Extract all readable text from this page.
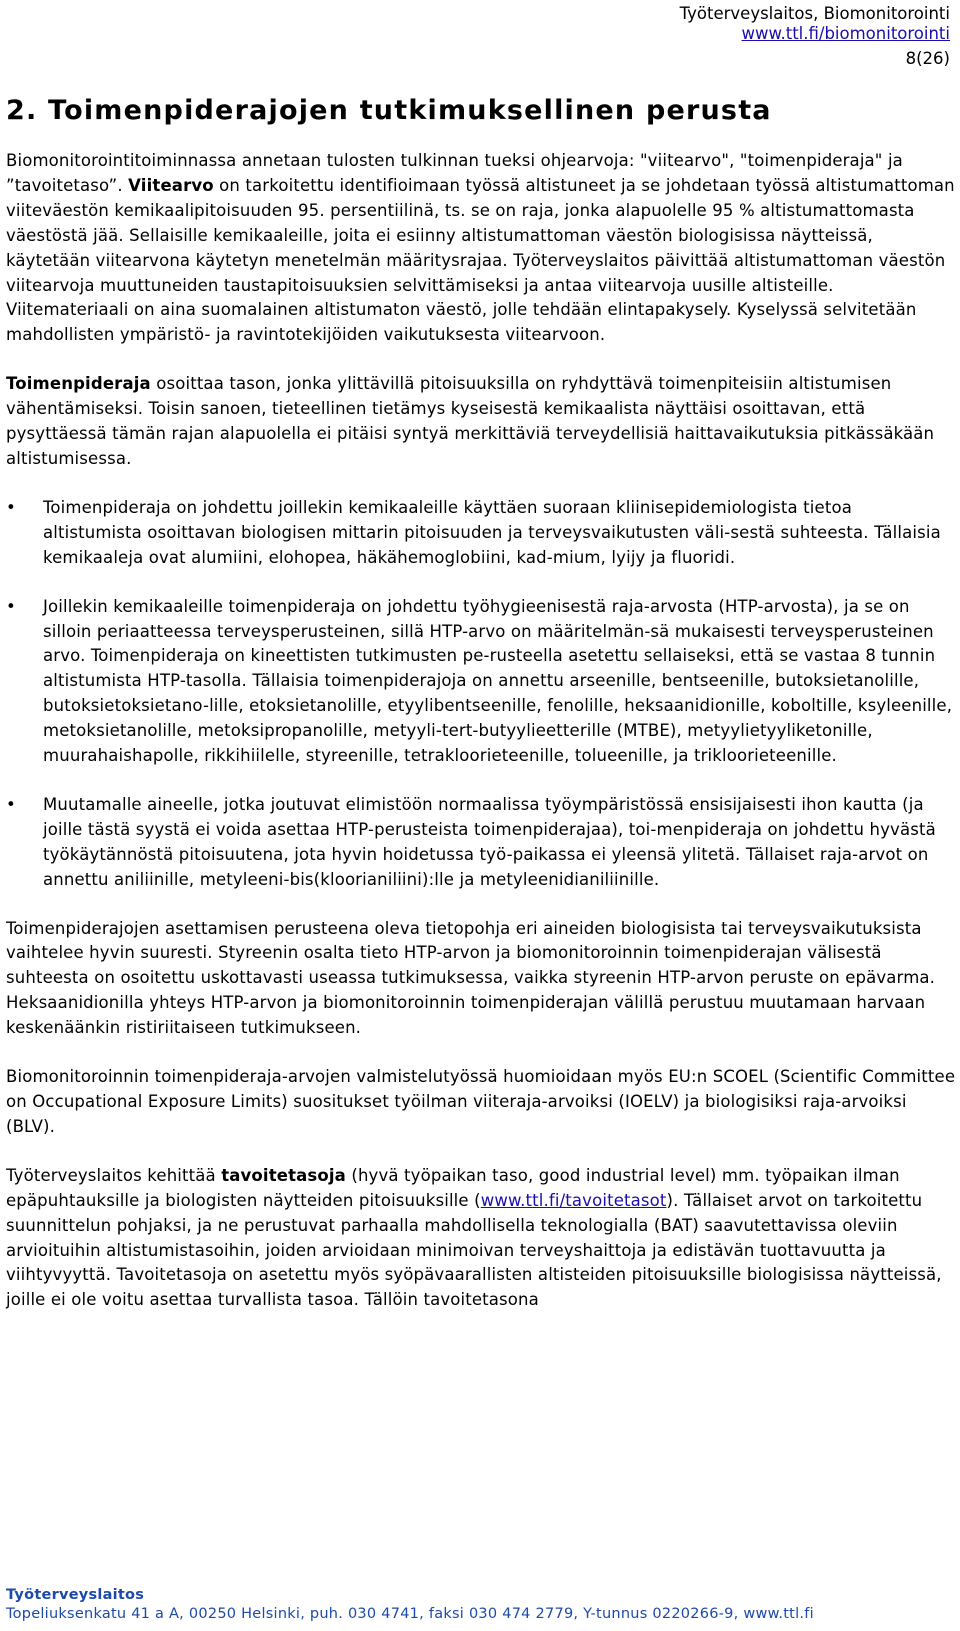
Työterveyslaitos, Biomonitorointi
www.ttl.fi/biomonitorointi

8(26)
2. Toimenpiderajojen tutkimuksellinen perusta

Biomonitorointitoiminnassa annetaan tulosten tulkinnan tueksi ohjearvoja: "viitearvo", "toimenpideraja" ja ”tavoitetaso”. Viitearvo on tarkoitettu identifioimaan työssä altistuneet ja se johdetaan työssä altistumattoman viiteväestön kemikaalipitoisuuden 95. persentiilinä, ts. se on raja, jonka alapuolelle 95 % altistumattomasta väestöstä jää. Sellaisille kemikaaleille, joita ei esiinny altistumattoman väestön biologisissa näytteissä, käytetään viitearvona käytetyn menetelmän määritysrajaa. Työterveyslaitos päivittää altistumattoman väestön viitearvoja muuttuneiden taustapitoisuuksien selvittämiseksi ja antaa viitearvoja uusille altisteille. Viitemateriaali on aina suomalainen altistumaton väestö, jolle tehdään elintapakysely. Kyselyssä selvitetään mahdollisten ympäristö- ja ravintotekijöiden vaikutuksesta viitearvoon.

Toimenpideraja osoittaa tason, jonka ylittävillä pitoisuuksilla on ryhdyttävä toimenpiteisiin altistumisen vähentämiseksi. Toisin sanoen, tieteellinen tietämys kyseisestä kemikaalista näyttäisi osoittavan, että pysyttäessä tämän rajan alapuolella ei pitäisi syntyä merkittäviä terveydellisiä haittavaikutuksia pitkässäkään altistumisessa.

• Toimenpideraja on johdettu joillekin kemikaaleille käyttäen suoraan kliinisepidemiologista tietoa altistumista osoittavan biologisen mittarin pitoisuuden ja terveysvaikutusten väli-sestä suhteesta. Tällaisia kemikaaleja ovat alumiini, elohopea, häkähemoglobiini, kad-mium, lyijy ja fluoridi.
• Joillekin kemikaaleille toimenpideraja on johdettu työhygieenisestä raja-arvosta (HTP-arvosta), ja se on silloin periaatteessa terveysperusteinen, sillä HTP-arvo on määritelmän-sä mukaisesti terveysperusteinen arvo. Toimenpideraja on kineettisten tutkimusten pe-rusteella asetettu sellaiseksi, että se vastaa 8 tunnin altistumista HTP-tasolla. Tällaisia toimenpiderajoja on annettu arseenille, bentseenille, butoksietanolille, butoksietoksietano-lille, etoksietanolille, etyylibentseenille, fenolille, heksaanidionille, koboltille, ksyleenille, metoksietanolille, metoksipropanolille, metyyli-tert-butyylieetterille (MTBE), metyylietyyliketonille, muurahaishapolle, rikkihiilelle, styreenille, tetrakloorieteenille, tolueenille, ja trikloorieteenille.
• Muutamalle aineelle, jotka joutuvat elimistöön normaalissa työympäristössä ensisijaisesti ihon kautta (ja joille tästä syystä ei voida asettaa HTP-perusteista toimenpiderajaa), toi-menpideraja on johdettu hyvästä työkäytännöstä pitoisuutena, jota hyvin hoidetussa työ-paikassa ei yleensä ylitetä. Tällaiset raja-arvot on annettu aniliinille, metyleeni-bis(kloorianiliini):lle ja metyleenidianiliinille.

Toimenpiderajojen asettamisen perusteena oleva tietopohja eri aineiden biologisista tai terveysvaikutuksista vaihtelee hyvin suuresti. Styreenin osalta tieto HTP-arvon ja biomonitoroinnin toimenpiderajan välisestä suhteesta on osoitettu uskottavasti useassa tutkimuksessa, vaikka styreenin HTP-arvon peruste on epävarma. Heksaanidionilla yhteys HTP-arvon ja biomonitoroinnin toimenpiderajan välillä perustuu muutamaan harvaan keskenäänkin ristiriitaiseen tutkimukseen.

Biomonitoroinnin toimenpideraja-arvojen valmistelutyössä huomioidaan myös EU:n SCOEL (Scientific Committee on Occupational Exposure Limits) suositukset työilman viiteraja-arvoiksi (IOELV) ja biologisiksi raja-arvoiksi (BLV).

Työterveyslaitos kehittää tavoitetasoja (hyvä työpaikan taso, good industrial level) mm. työpaikan ilman epäpuhtauksille ja biologisten näytteiden pitoisuuksille (www.ttl.fi/tavoitetasot). Tällaiset arvot on tarkoitettu suunnittelun pohjaksi, ja ne perustuvat parhaalla mahdollisella teknologialla (BAT) saavutettavissa oleviin arvioituihin altistumistasoihin, joiden arvioidaan minimoivan terveyshaittoja ja edistävän tuottavuutta ja viihtyvyyttä. Tavoitetasoja on asetettu myös syöpävaarallisten altisteiden pitoisuuksille biologisissa näytteissä, joille ei ole voitu asettaa turvallista tasoa. Tällöin tavoitetasona

Työterveyslaitos
Topeliuksenkatu 41 a A, 00250 Helsinki, puh. 030 4741, faksi 030 474 2779, Y-tunnus 0220266-9, www.ttl.fi
